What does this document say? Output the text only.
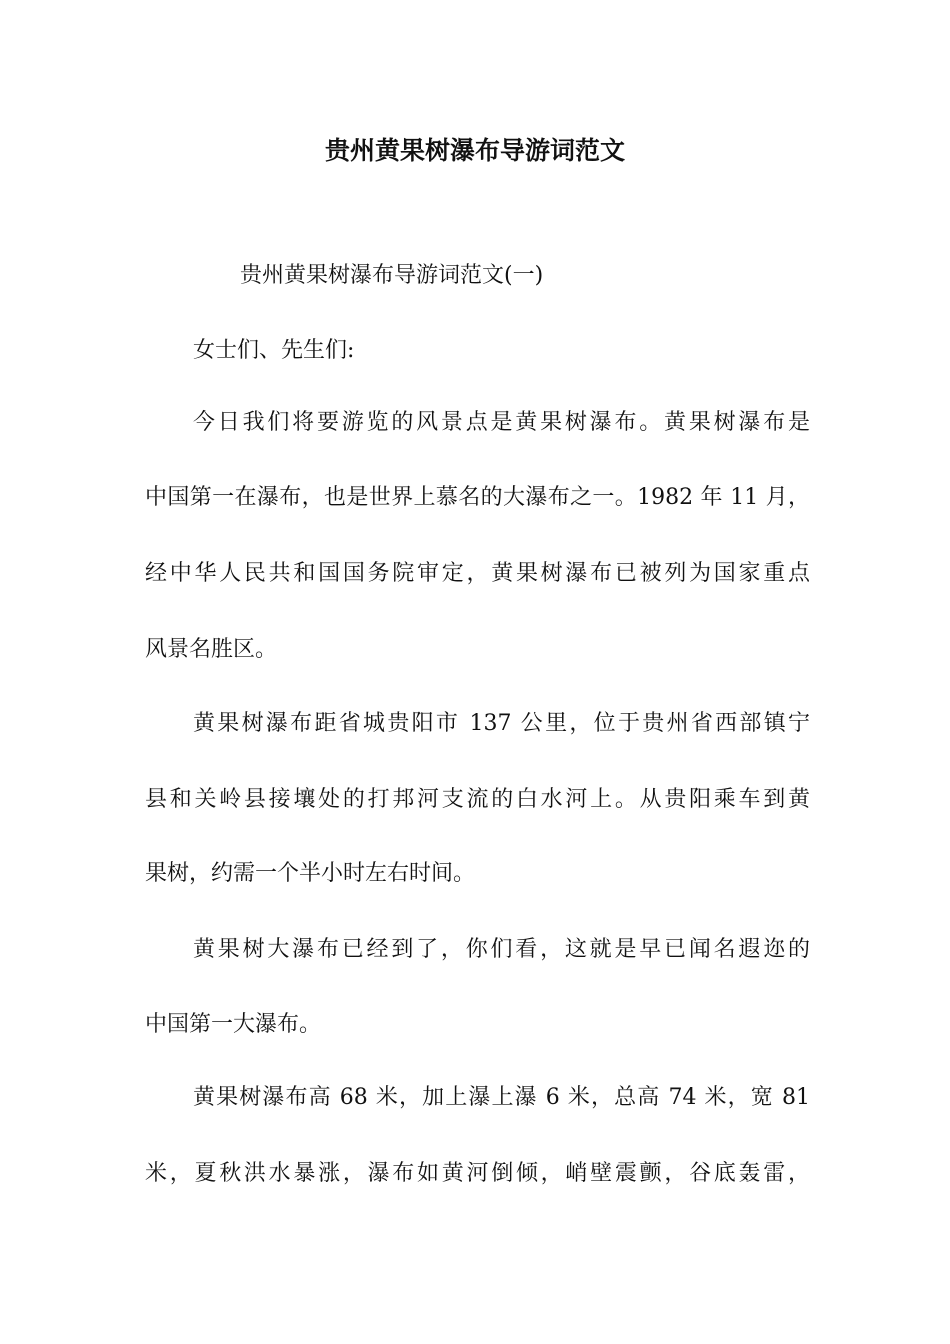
贵州黄果树瀑布导游词范文

贵州黄果树瀑布导游词范文(一)

女士们、先生们:

今日我们将要游览的风景点是黄果树瀑布。黄果树瀑布是

中国第一在瀑布，也是世界上慕名的大瀑布之一。1982 年 11 月，

经中华人民共和国国务院审定，黄果树瀑布已被列为国家重点

风景名胜区。

黄果树瀑布距省城贵阳市 137 公里，位于贵州省西部镇宁

县和关岭县接壤处的打邦河支流的白水河上。从贵阳乘车到黄

果树，约需一个半小时左右时间。

黄果树大瀑布已经到了，你们看，这就是早已闻名遐迩的

中国第一大瀑布。

黄果树瀑布高 68 米，加上瀑上瀑 6 米，总高 74 米，宽 81

米，夏秋洪水暴涨，瀑布如黄河倒倾，峭壁震颤，谷底轰雷，
